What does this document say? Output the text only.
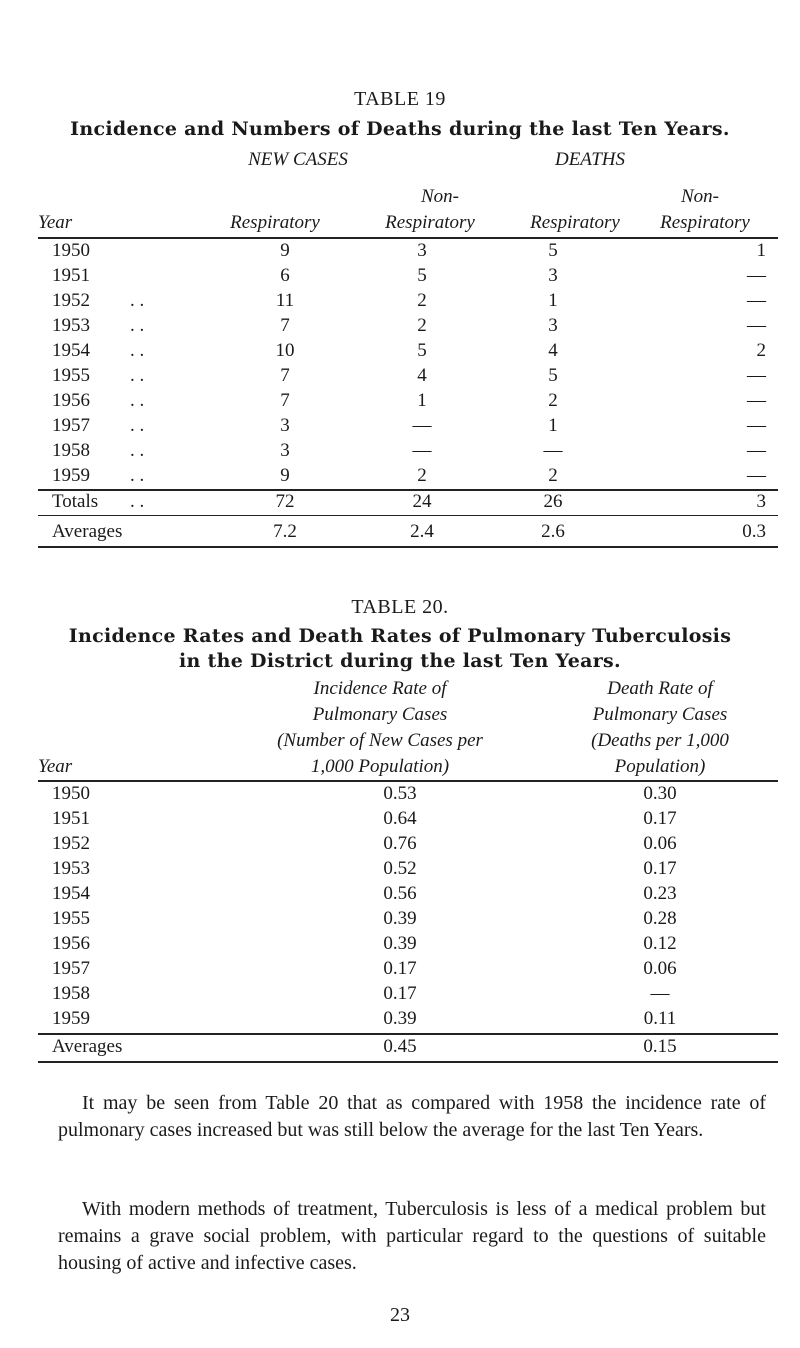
TABLE 19
Incidence and Numbers of Deaths during the last Ten Years.
NEW CASES	DEATHS
Non-	Non-
Year	Respiratory	Respiratory	Respiratory	Respiratory
1950	9	3	5	1
1951	6	5	3	—
1952	. .	11	2	1	—
1953	. .	7	2	3	—
1954	. .	10	5	4	2
1955	. .	7	4	5	—
1956	. .	7	1	2	—
1957	. .	3	—	1	—
1958	. .	3	—	—	—
1959	. .	9	2	2	—
Totals	. .	72	24	26	3
Averages	7.2	2.4	2.6	0.3
TABLE 20.
Incidence Rates and Death Rates of Pulmonary Tuberculosis
in the District during the last Ten Years.
Incidence Rate of
Pulmonary Cases
(Number of New Cases per
1,000 Population)
Death Rate of
Pulmonary Cases
(Deaths per 1,000
Population)
Year
1950	0.53	0.30
1951	0.64	0.17
1952	0.76	0.06
1953	0.52	0.17
1954	0.56	0.23
1955	0.39	0.28
1956	0.39	0.12
1957	0.17	0.06
1958	0.17	—
1959	0.39	0.11
Averages	0.45	0.15
It may be seen from Table 20 that as compared with 1958 the incidence rate of pulmonary cases increased but was still below the average for the last Ten Years.
With modern methods of treatment, Tuberculosis is less of a medical problem but remains a grave social problem, with particular regard to the questions of suitable housing of active and infective cases.
23
